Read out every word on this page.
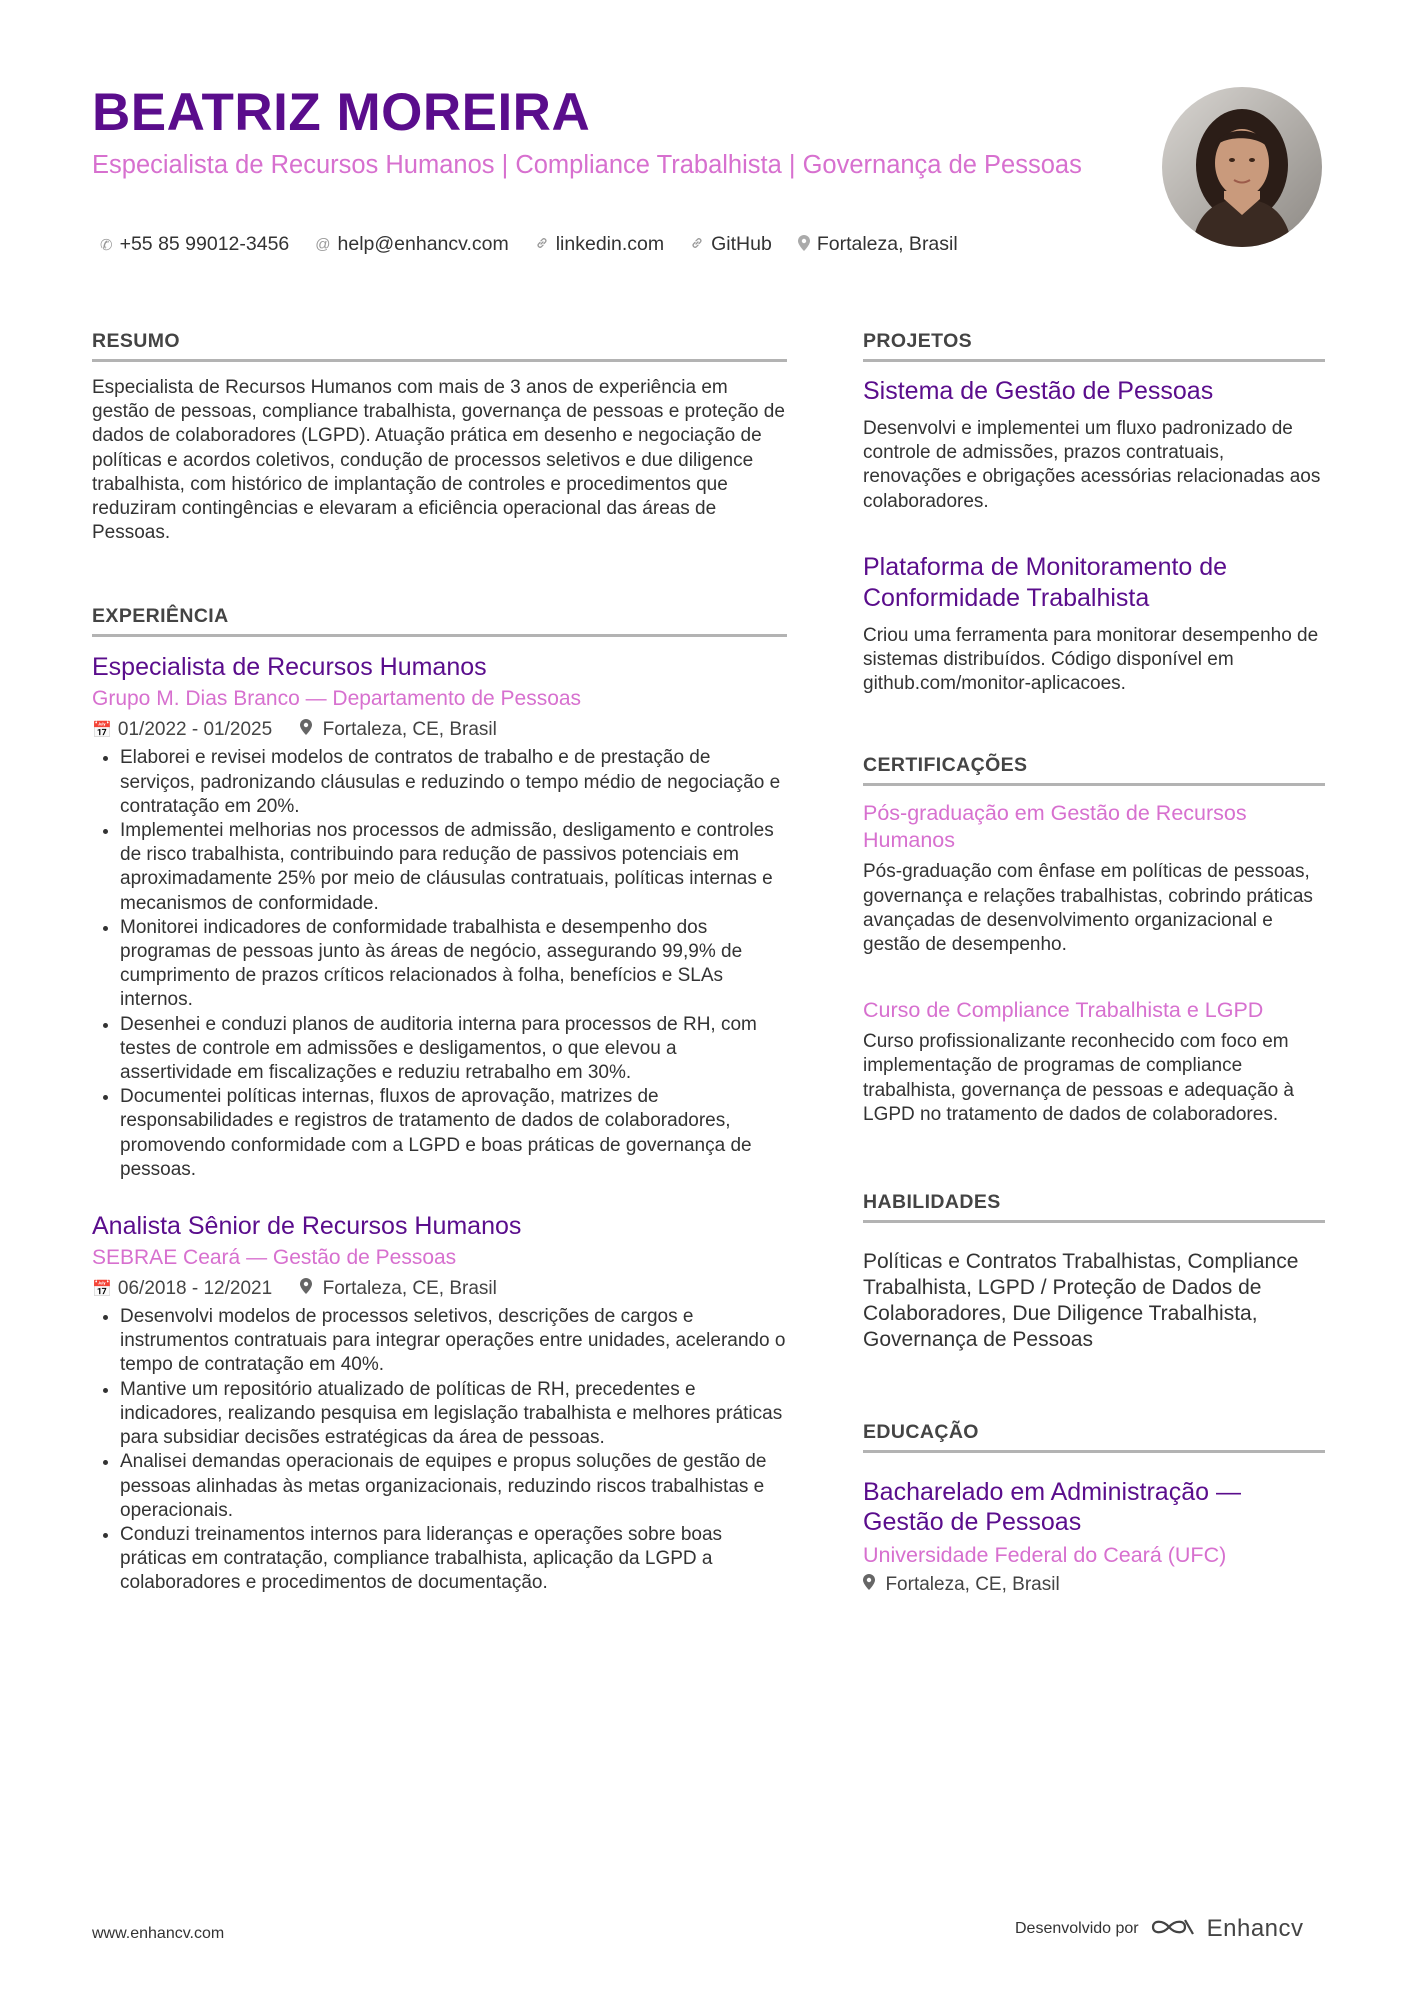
BEATRIZ MOREIRA

Especialista de Recursos Humanos | Compliance Trabalhista | Governança de Pessoas

✆ +55 85 99012-3456 @ help@enhancv.com linkedin.com GitHub Fortaleza, Brasil
RESUMO

Especialista de Recursos Humanos com mais de 3 anos de experiência em gestão de pessoas, compliance trabalhista, governança de pessoas e proteção de dados de colaboradores (LGPD). Atuação prática em desenho e negociação de políticas e acordos coletivos, condução de processos seletivos e due diligence trabalhista, com histórico de implantação de controles e procedimentos que reduziram contingências e elevaram a eficiência operacional das áreas de Pessoas.

EXPERIÊNCIA

Especialista de Recursos Humanos

Grupo M. Dias Branco — Departamento de Pessoas

📅 01/2022 - 01/2025	Fortaleza, CE, Brasil
• Elaborei e revisei modelos de contratos de trabalho e de prestação de serviços, padronizando cláusulas e reduzindo o tempo médio de negociação e contratação em 20%.
• Implementei melhorias nos processos de admissão, desligamento e controles de risco trabalhista, contribuindo para redução de passivos potenciais em aproximadamente 25% por meio de cláusulas contratuais, políticas internas e mecanismos de conformidade.
• Monitorei indicadores de conformidade trabalhista e desempenho dos programas de pessoas junto às áreas de negócio, assegurando 99,9% de cumprimento de prazos críticos relacionados à folha, benefícios e SLAs internos.
• Desenhei e conduzi planos de auditoria interna para processos de RH, com testes de controle em admissões e desligamentos, o que elevou a assertividade em fiscalizações e reduziu retrabalho em 30%.
• Documentei políticas internas, fluxos de aprovação, matrizes de responsabilidades e registros de tratamento de dados de colaboradores, promovendo conformidade com a LGPD e boas práticas de governança de pessoas.

Analista Sênior de Recursos Humanos

SEBRAE Ceará — Gestão de Pessoas

📅 06/2018 - 12/2021	Fortaleza, CE, Brasil
• Desenvolvi modelos de processos seletivos, descrições de cargos e instrumentos contratuais para integrar operações entre unidades, acelerando o tempo de contratação em 40%.
• Mantive um repositório atualizado de políticas de RH, precedentes e indicadores, realizando pesquisa em legislação trabalhista e melhores práticas para subsidiar decisões estratégicas da área de pessoas.
• Analisei demandas operacionais de equipes e propus soluções de gestão de pessoas alinhadas às metas organizacionais, reduzindo riscos trabalhistas e operacionais.
• Conduzi treinamentos internos para lideranças e operações sobre boas práticas em contratação, compliance trabalhista, aplicação da LGPD a colaboradores e procedimentos de documentação.
PROJETOS

Sistema de Gestão de Pessoas

Desenvolvi e implementei um fluxo padronizado de controle de admissões, prazos contratuais, renovações e obrigações acessórias relacionadas aos colaboradores.

Plataforma de Monitoramento de Conformidade Trabalhista

Criou uma ferramenta para monitorar desempenho de sistemas distribuídos. Código disponível em github.com/monitor-aplicacoes.

CERTIFICAÇÕES

Pós-graduação em Gestão de Recursos Humanos

Pós-graduação com ênfase em políticas de pessoas, governança e relações trabalhistas, cobrindo práticas avançadas de desenvolvimento organizacional e gestão de desempenho.

Curso de Compliance Trabalhista e LGPD

Curso profissionalizante reconhecido com foco em implementação de programas de compliance trabalhista, governança de pessoas e adequação à LGPD no tratamento de dados de colaboradores.

HABILIDADES

Políticas e Contratos Trabalhistas, Compliance Trabalhista, LGPD / Proteção de Dados de Colaboradores, Due Diligence Trabalhista, Governança de Pessoas

EDUCAÇÃO

Bacharelado em Administração — Gestão de Pessoas

Universidade Federal do Ceará (UFC)

Fortaleza, CE, Brasil
www.enhancv.com	Desenvolvido por	Enhancv
